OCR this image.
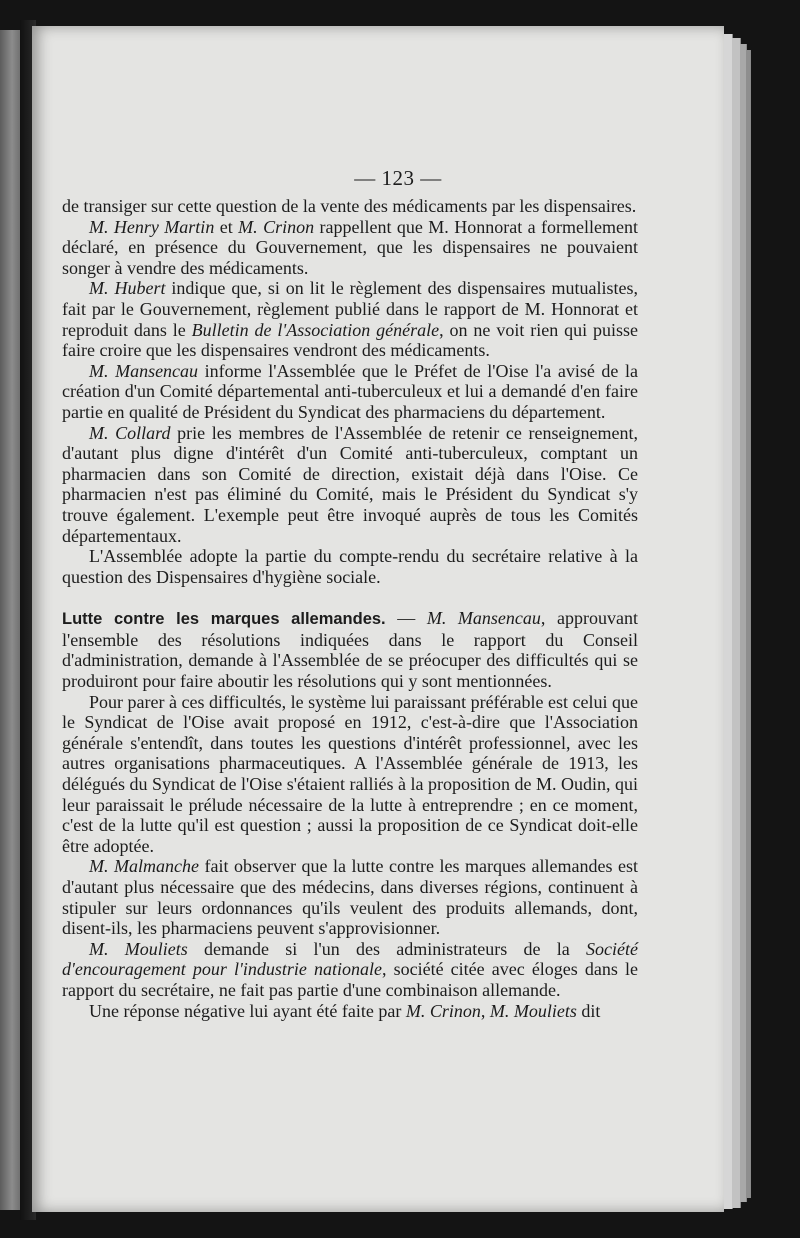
— 123 —

de transiger sur cette question de la vente des médicaments par les dispensaires.

M. Henry Martin et M. Crinon rappellent que M. Honnorat a formellement déclaré, en présence du Gouvernement, que les dispensaires ne pouvaient songer à vendre des médicaments.

M. Hubert indique que, si on lit le règlement des dispensaires mutualistes, fait par le Gouvernement, règlement publié dans le rapport de M. Honnorat et reproduit dans le Bulletin de l'Association générale, on ne voit rien qui puisse faire croire que les dispensaires vendront des médicaments.

M. Mansencau informe l'Assemblée que le Préfet de l'Oise l'a avisé de la création d'un Comité départemental anti-tuberculeux et lui a demandé d'en faire partie en qualité de Président du Syndicat des pharmaciens du département.

M. Collard prie les membres de l'Assemblée de retenir ce renseignement, d'autant plus digne d'intérêt d'un Comité anti-tuberculeux, comptant un pharmacien dans son Comité de direction, existait déjà dans l'Oise. Ce pharmacien n'est pas éliminé du Comité, mais le Président du Syndicat s'y trouve également. L'exemple peut être invoqué auprès de tous les Comités départementaux.

L'Assemblée adopte la partie du compte-rendu du secrétaire relative à la question des Dispensaires d'hygiène sociale.

Lutte contre les marques allemandes. — M. Mansencau, approuvant l'ensemble des résolutions indiquées dans le rapport du Conseil d'administration, demande à l'Assemblée de se préocuper des difficultés qui se produiront pour faire aboutir les résolutions qui y sont mentionnées.

Pour parer à ces difficultés, le système lui paraissant préférable est celui que le Syndicat de l'Oise avait proposé en 1912, c'est-à-dire que l'Association générale s'entendît, dans toutes les questions d'intérêt professionnel, avec les autres organisations pharmaceutiques. A l'Assemblée générale de 1913, les délégués du Syndicat de l'Oise s'étaient ralliés à la proposition de M. Oudin, qui leur paraissait le prélude nécessaire de la lutte à entreprendre ; en ce moment, c'est de la lutte qu'il est question ; aussi la proposition de ce Syndicat doit-elle être adoptée.

M. Malmanche fait observer que la lutte contre les marques allemandes est d'autant plus nécessaire que des médecins, dans diverses régions, continuent à stipuler sur leurs ordonnances qu'ils veulent des produits allemands, dont, disent-ils, les pharmaciens peuvent s'approvisionner.

M. Mouliets demande si l'un des administrateurs de la Société d'encouragement pour l'industrie nationale, société citée avec éloges dans le rapport du secrétaire, ne fait pas partie d'une combinaison allemande.

Une réponse négative lui ayant été faite par M. Crinon, M. Mouliets dit
